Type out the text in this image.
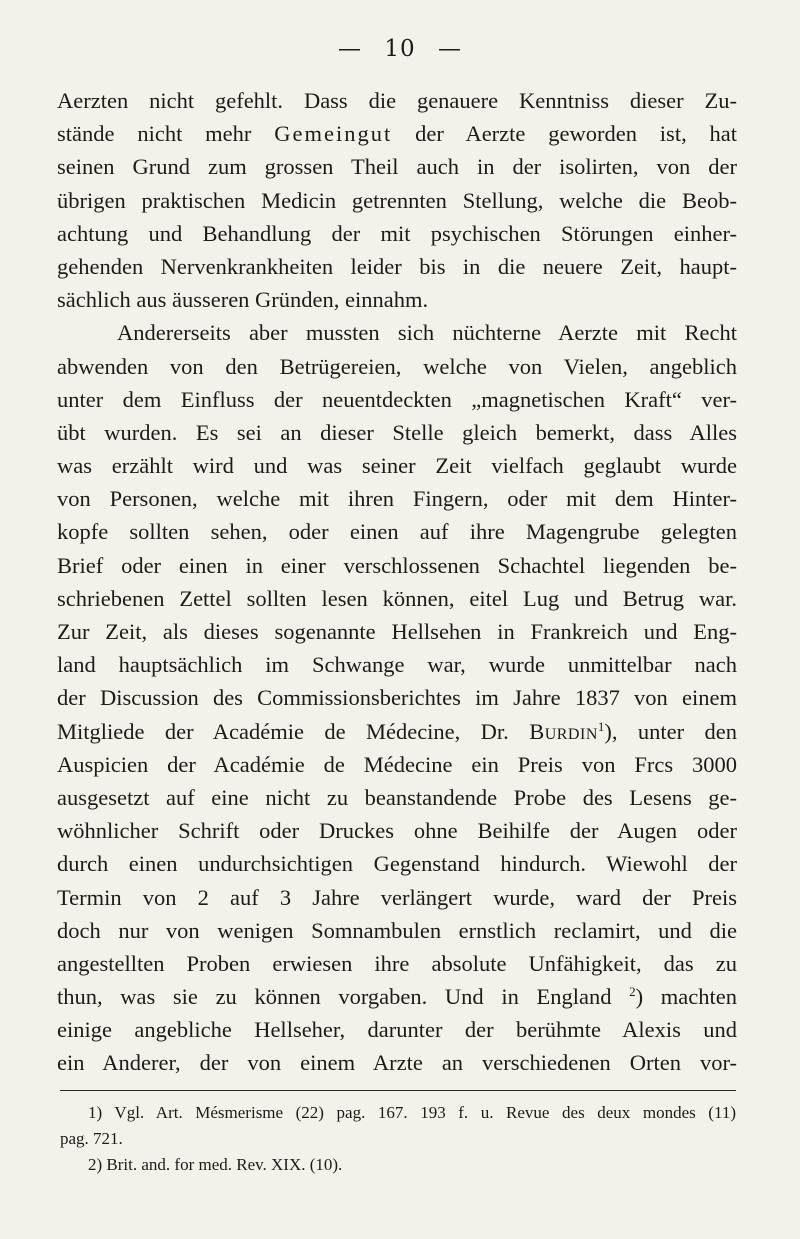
— 10 —
Aerzten nicht gefehlt. Dass die genauere Kenntniss dieser Zu-
stände nicht mehr Gemeingut der Aerzte geworden ist, hat
seinen Grund zum grossen Theil auch in der isolirten, von der
übrigen praktischen Medicin getrennten Stellung, welche die Beob-
achtung und Behandlung der mit psychischen Störungen einher-
gehenden Nervenkrankheiten leider bis in die neuere Zeit, haupt-
sächlich aus äusseren Gründen, einnahm.
Andererseits aber mussten sich nüchterne Aerzte mit Recht
abwenden von den Betrügereien, welche von Vielen, angeblich
unter dem Einfluss der neuentdeckten „magnetischen Kraft“ ver-
übt wurden. Es sei an dieser Stelle gleich bemerkt, dass Alles
was erzählt wird und was seiner Zeit vielfach geglaubt wurde
von Personen, welche mit ihren Fingern, oder mit dem Hinter-
kopfe sollten sehen, oder einen auf ihre Magengrube gelegten
Brief oder einen in einer verschlossenen Schachtel liegenden be-
schriebenen Zettel sollten lesen können, eitel Lug und Betrug war.
Zur Zeit, als dieses sogenannte Hellsehen in Frankreich und Eng-
land hauptsächlich im Schwange war, wurde unmittelbar nach
der Discussion des Commissionsberichtes im Jahre 1837 von einem
Mitgliede der Académie de Médecine, Dr. Burdin$^1$), unter den
Auspicien der Académie de Médecine ein Preis von Frcs 3000
ausgesetzt auf eine nicht zu beanstandende Probe des Lesens ge-
wöhnlicher Schrift oder Druckes ohne Beihilfe der Augen oder
durch einen undurchsichtigen Gegenstand hindurch. Wiewohl der
Termin von 2 auf 3 Jahre verlängert wurde, ward der Preis
doch nur von wenigen Somnambulen ernstlich reclamirt, und die
angestellten Proben erwiesen ihre absolute Unfähigkeit, das zu
thun, was sie zu können vorgaben. Und in England $^2$) machten
einige angebliche Hellseher, darunter der berühmte Alexis und
ein Anderer, der von einem Arzte an verschiedenen Orten vor-
1) Vgl. Art. Mésmerisme (22) pag. 167. 193 f. u. Revue des deux mondes (11)
pag. 721.
2) Brit. and. for med. Rev. XIX. (10).
